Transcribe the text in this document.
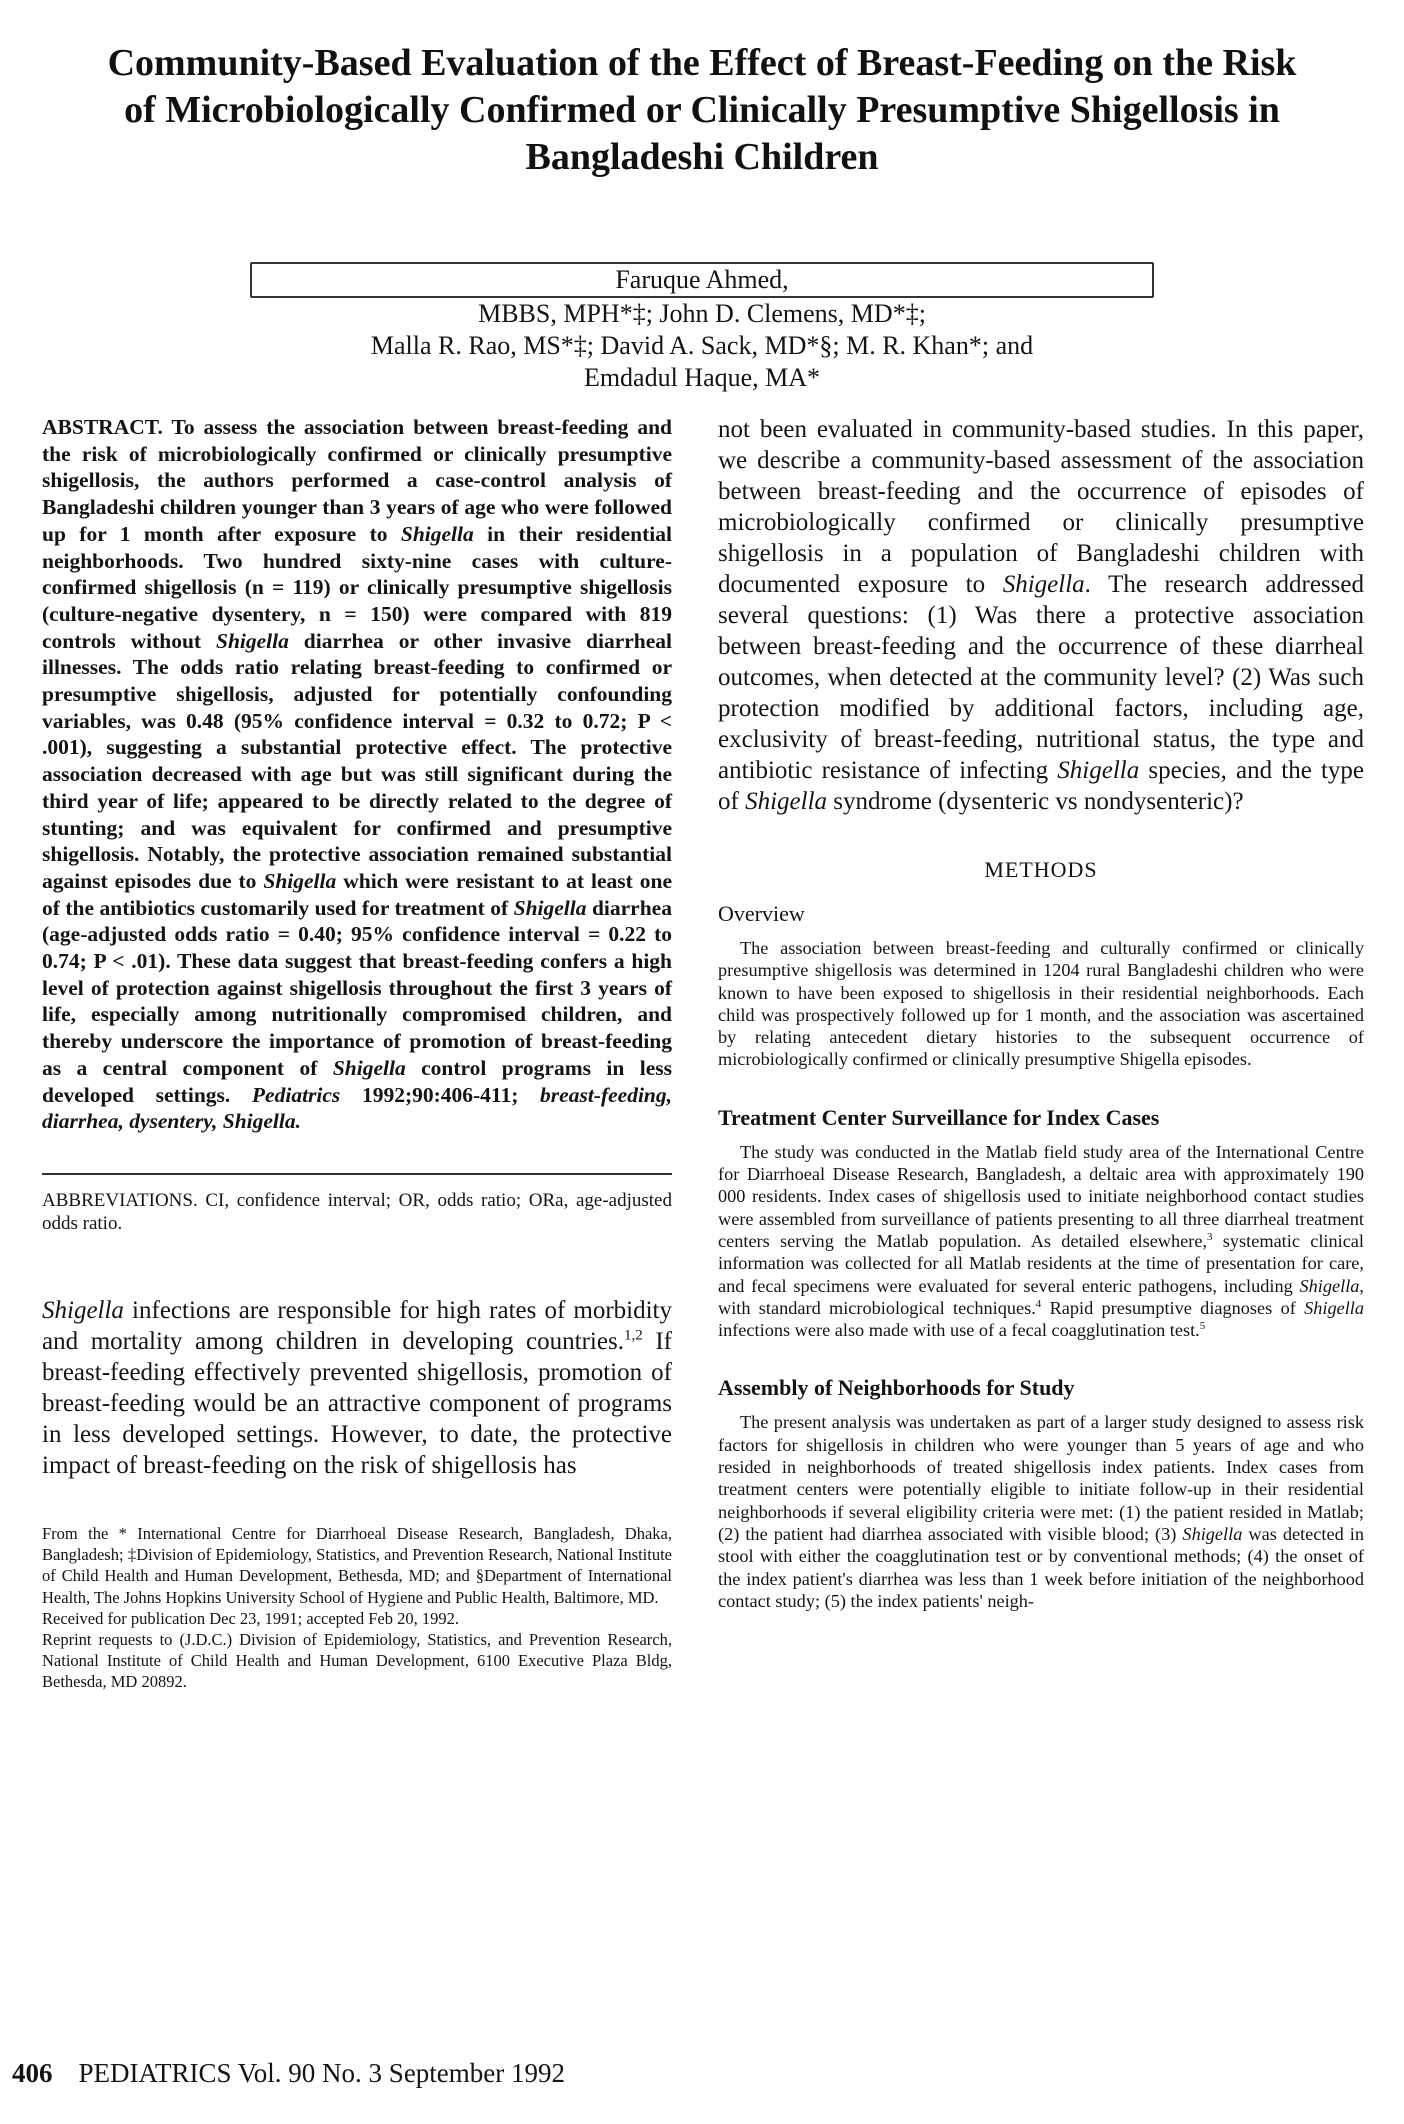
Community-Based Evaluation of the Effect of Breast-Feeding on the Risk
of Microbiologically Confirmed or Clinically Presumptive Shigellosis in
Bangladeshi Children
Faruque Ahmed,
MBBS, MPH*‡; John D. Clemens, MD*‡;
Malla R. Rao, MS*‡; David A. Sack, MD*§; M. R. Khan*; and
Emdadul Haque, MA*

ABSTRACT. To assess the association between breast-feeding and the risk of microbiologically confirmed or clinically presumptive shigellosis, the authors performed a case-control analysis of Bangladeshi children younger than 3 years of age who were followed up for 1 month after exposure to Shigella in their residential neighborhoods. Two hundred sixty-nine cases with culture-confirmed shigellosis (n = 119) or clinically presumptive shigellosis (culture-negative dysentery, n = 150) were compared with 819 controls without Shigella diarrhea or other invasive diarrheal illnesses. The odds ratio relating breast-feeding to confirmed or presumptive shigellosis, adjusted for potentially confounding variables, was 0.48 (95% confidence interval = 0.32 to 0.72; P < .001), suggesting a substantial protective effect. The protective association decreased with age but was still significant during the third year of life; appeared to be directly related to the degree of stunting; and was equivalent for confirmed and presumptive shigellosis. Notably, the protective association remained substantial against episodes due to Shigella which were resistant to at least one of the antibiotics customarily used for treatment of Shigella diarrhea (age-adjusted odds ratio = 0.40; 95% confidence interval = 0.22 to 0.74; P < .01). These data suggest that breast-feeding confers a high level of protection against shigellosis throughout the first 3 years of life, especially among nutritionally compromised children, and thereby underscore the importance of promotion of breast-feeding as a central component of Shigella control programs in less developed settings. Pediatrics 1992;90:406-411; breast-feeding, diarrhea, dysentery, Shigella.

ABBREVIATIONS. CI, confidence interval; OR, odds ratio; ORa, age-adjusted odds ratio.

Shigella infections are responsible for high rates of morbidity and mortality among children in developing countries.$^{1,2}$ If breast-feeding effectively prevented shigellosis, promotion of breast-feeding would be an attractive component of programs in less developed settings. However, to date, the protective impact of breast-feeding on the risk of shigellosis has

From the * International Centre for Diarrhoeal Disease Research, Bangladesh, Dhaka, Bangladesh; ‡Division of Epidemiology, Statistics, and Prevention Research, National Institute of Child Health and Human Development, Bethesda, MD; and §Department of International Health, The Johns Hopkins University School of Hygiene and Public Health, Baltimore, MD.

Received for publication Dec 23, 1991; accepted Feb 20, 1992.

Reprint requests to (J.D.C.) Division of Epidemiology, Statistics, and Prevention Research, National Institute of Child Health and Human Development, 6100 Executive Plaza Bldg, Bethesda, MD 20892.

not been evaluated in community-based studies. In this paper, we describe a community-based assessment of the association between breast-feeding and the occurrence of episodes of microbiologically confirmed or clinically presumptive shigellosis in a population of Bangladeshi children with documented exposure to Shigella. The research addressed several questions: (1) Was there a protective association between breast-feeding and the occurrence of these diarrheal outcomes, when detected at the community level? (2) Was such protection modified by additional factors, including age, exclusivity of breast-feeding, nutritional status, the type and antibiotic resistance of infecting Shigella species, and the type of Shigella syndrome (dysenteric vs nondysenteric)?

METHODS

Overview

The association between breast-feeding and culturally confirmed or clinically presumptive shigellosis was determined in 1204 rural Bangladeshi children who were known to have been exposed to shigellosis in their residential neighborhoods. Each child was prospectively followed up for 1 month, and the association was ascertained by relating antecedent dietary histories to the subsequent occurrence of microbiologically confirmed or clinically presumptive Shigella episodes.

Treatment Center Surveillance for Index Cases

The study was conducted in the Matlab field study area of the International Centre for Diarrhoeal Disease Research, Bangladesh, a deltaic area with approximately 190 000 residents. Index cases of shigellosis used to initiate neighborhood contact studies were assembled from surveillance of patients presenting to all three diarrheal treatment centers serving the Matlab population. As detailed elsewhere,$^3$ systematic clinical information was collected for all Matlab residents at the time of presentation for care, and fecal specimens were evaluated for several enteric pathogens, including Shigella, with standard microbiological techniques.$^4$ Rapid presumptive diagnoses of Shigella infections were also made with use of a fecal coagglutination test.$^5$

Assembly of Neighborhoods for Study

The present analysis was undertaken as part of a larger study designed to assess risk factors for shigellosis in children who were younger than 5 years of age and who resided in neighborhoods of treated shigellosis index patients. Index cases from treatment centers were potentially eligible to initiate follow-up in their residential neighborhoods if several eligibility criteria were met: (1) the patient resided in Matlab; (2) the patient had diarrhea associated with visible blood; (3) Shigella was detected in stool with either the coagglutination test or by conventional methods; (4) the onset of the index patient's diarrhea was less than 1 week before initiation of the neighborhood contact study; (5) the index patients' neigh-

406 PEDIATRICS Vol. 90 No. 3 September 1992
